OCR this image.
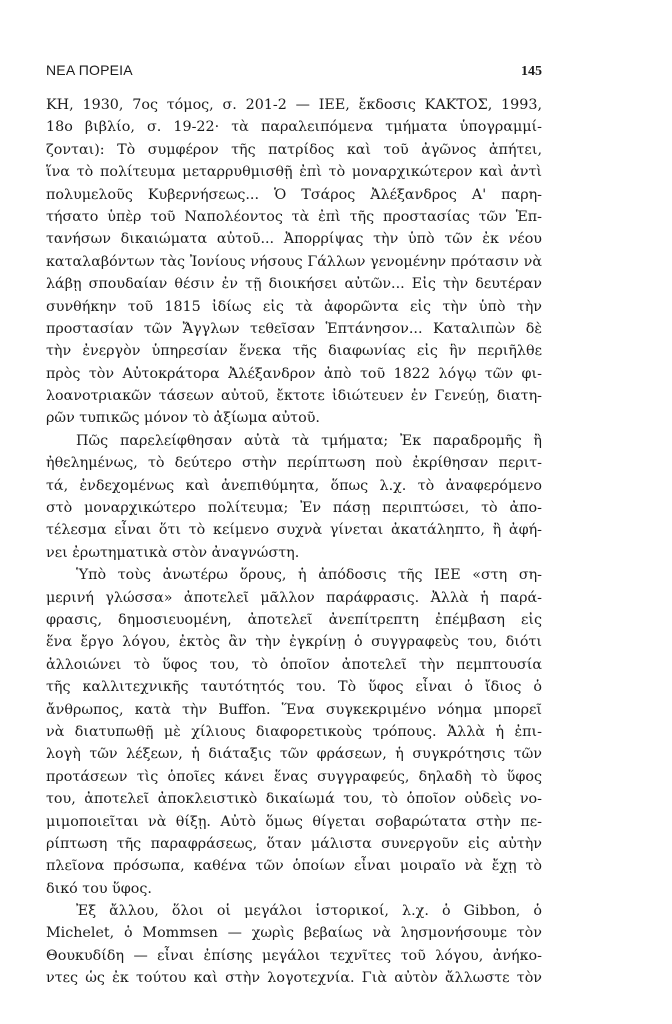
ΝΕΑ ΠΟΡΕΙΑ	145
ΚΗ, 1930, 7ος τόμος, σ. 201-2 — ΙΕΕ, ἔκδοσις ΚΑΚΤΟΣ, 1993,
18ο βιβλίο, σ. 19-22· τὰ παραλειπόμενα τμήματα ὑπογραμμί-
ζονται): Τὸ συμφέρον τῆς πατρίδος καὶ τοῦ ἀγῶνος ἀπήτει,
ἵνα τὸ πολίτευμα μεταρρυθμισθῇ ἐπὶ τὸ μοναρχικώτερον καὶ ἀντὶ
πολυμελοῦς Κυβερνήσεως... Ὁ Τσάρος Ἀλέξανδρος Α' παρη-
τήσατο ὑπὲρ τοῦ Ναπολέοντος τὰ ἐπὶ τῆς προστασίας τῶν Ἑπ-
τανήσων δικαιώματα αὐτοῦ... Ἀπορρίψας τὴν ὑπὸ τῶν ἐκ νέου
καταλαβόντων τὰς Ἰονίους νήσους Γάλλων γενομένην πρότασιν νὰ
λάβῃ σπουδαίαν θέσιν ἐν τῇ διοικήσει αὐτῶν... Εἰς τὴν δευτέραν
συνθήκην τοῦ 1815 ἰδίως εἰς τὰ ἀφορῶντα εἰς τὴν ὑπὸ τὴν
προστασίαν τῶν Ἄγγλων τεθεῖσαν Ἑπτάνησον... Καταλιπὼν δὲ
τὴν ἐνεργὸν ὑπηρεσίαν ἕνεκα τῆς διαφωνίας εἰς ἣν περιῆλθε
πρὸς τὸν Αὐτοκράτορα Ἀλέξανδρον ἀπὸ τοῦ 1822 λόγῳ τῶν φι-
λοανοτριακῶν τάσεων αὐτοῦ, ἔκτοτε ἰδιώτευεν ἐν Γενεύῃ, διατη-
ρῶν τυπικῶς μόνον τὸ ἀξίωμα αὐτοῦ.
Πῶς παρελείφθησαν αὐτὰ τὰ τμήματα; Ἐκ παραδρομῆς ἢ
ἠθελημένως, τὸ δεύτερο στὴν περίπτωση ποὺ ἐκρίθησαν περιτ-
τά, ἐνδεχομένως καὶ ἀνεπιθύμητα, ὅπως λ.χ. τὸ ἀναφερόμενο
στὸ μοναρχικώτερο πολίτευμα; Ἐν πάσῃ περιπτώσει, τὸ ἀπο-
τέλεσμα εἶναι ὅτι τὸ κείμενο συχνὰ γίνεται ἀκατάληπτο, ἢ ἀφή-
νει ἐρωτηματικὰ στὸν ἀναγνώστη.
Ὑπὸ τοὺς ἀνωτέρω ὅρους, ἡ ἀπόδοσις τῆς ΙΕΕ «στη ση-
μερινή γλώσσα» ἀποτελεῖ μᾶλλον παράφρασις. Ἀλλὰ ἡ παρά-
φρασις, δημοσιευομένη, ἀποτελεῖ ἀνεπίτρεπτη ἐπέμβαση εἰς
ἕνα ἔργο λόγου, ἐκτὸς ἂν τὴν ἐγκρίνῃ ὁ συγγραφεὺς του, διότι
ἀλλοιώνει τὸ ὕφος του, τὸ ὁποῖον ἀποτελεῖ τὴν πεμπτουσία
τῆς καλλιτεχνικῆς ταυτότητός του. Τὸ ὕφος εἶναι ὁ ἴδιος ὁ
ἄνθρωπος, κατὰ τὴν Buffon. Ἕνα συγκεκριμένο νόημα μπορεῖ
νὰ διατυπωθῇ μὲ χίλιους διαφορετικοὺς τρόπους. Ἀλλὰ ἡ ἐπι-
λογὴ τῶν λέξεων, ἡ διάταξις τῶν φράσεων, ἡ συγκρότησις τῶν
προτάσεων τὶς ὁποῖες κάνει ἕνας συγγραφεύς, δηλαδὴ τὸ ὕφος
του, ἀποτελεῖ ἀποκλειστικὸ δικαίωμά του, τὸ ὁποῖον οὐδεὶς νο-
μιμοποιεῖται νὰ θίξῃ. Αὐτὸ ὅμως θίγεται σοβαρώτατα στὴν πε-
ρίπτωση τῆς παραφράσεως, ὅταν μάλιστα συνεργοῦν εἰς αὐτὴν
πλεῖονα πρόσωπα, καθένα τῶν ὁποίων εἶναι μοιραῖο νὰ ἔχῃ τὸ
δικό του ὕφος.
Ἐξ ἄλλου, ὅλοι οἱ μεγάλοι ἱστορικοί, λ.χ. ὁ Gibbon, ὁ
Michelet, ὁ Mommsen — χωρὶς βεβαίως νὰ λησμονήσουμε τὸν
Θουκυδίδη — εἶναι ἐπίσης μεγάλοι τεχνῖτες τοῦ λόγου, ἀνήκο-
ντες ὡς ἐκ τούτου καὶ στὴν λογοτεχνία. Γιὰ αὐτὸν ἄλλωστε τὸν
